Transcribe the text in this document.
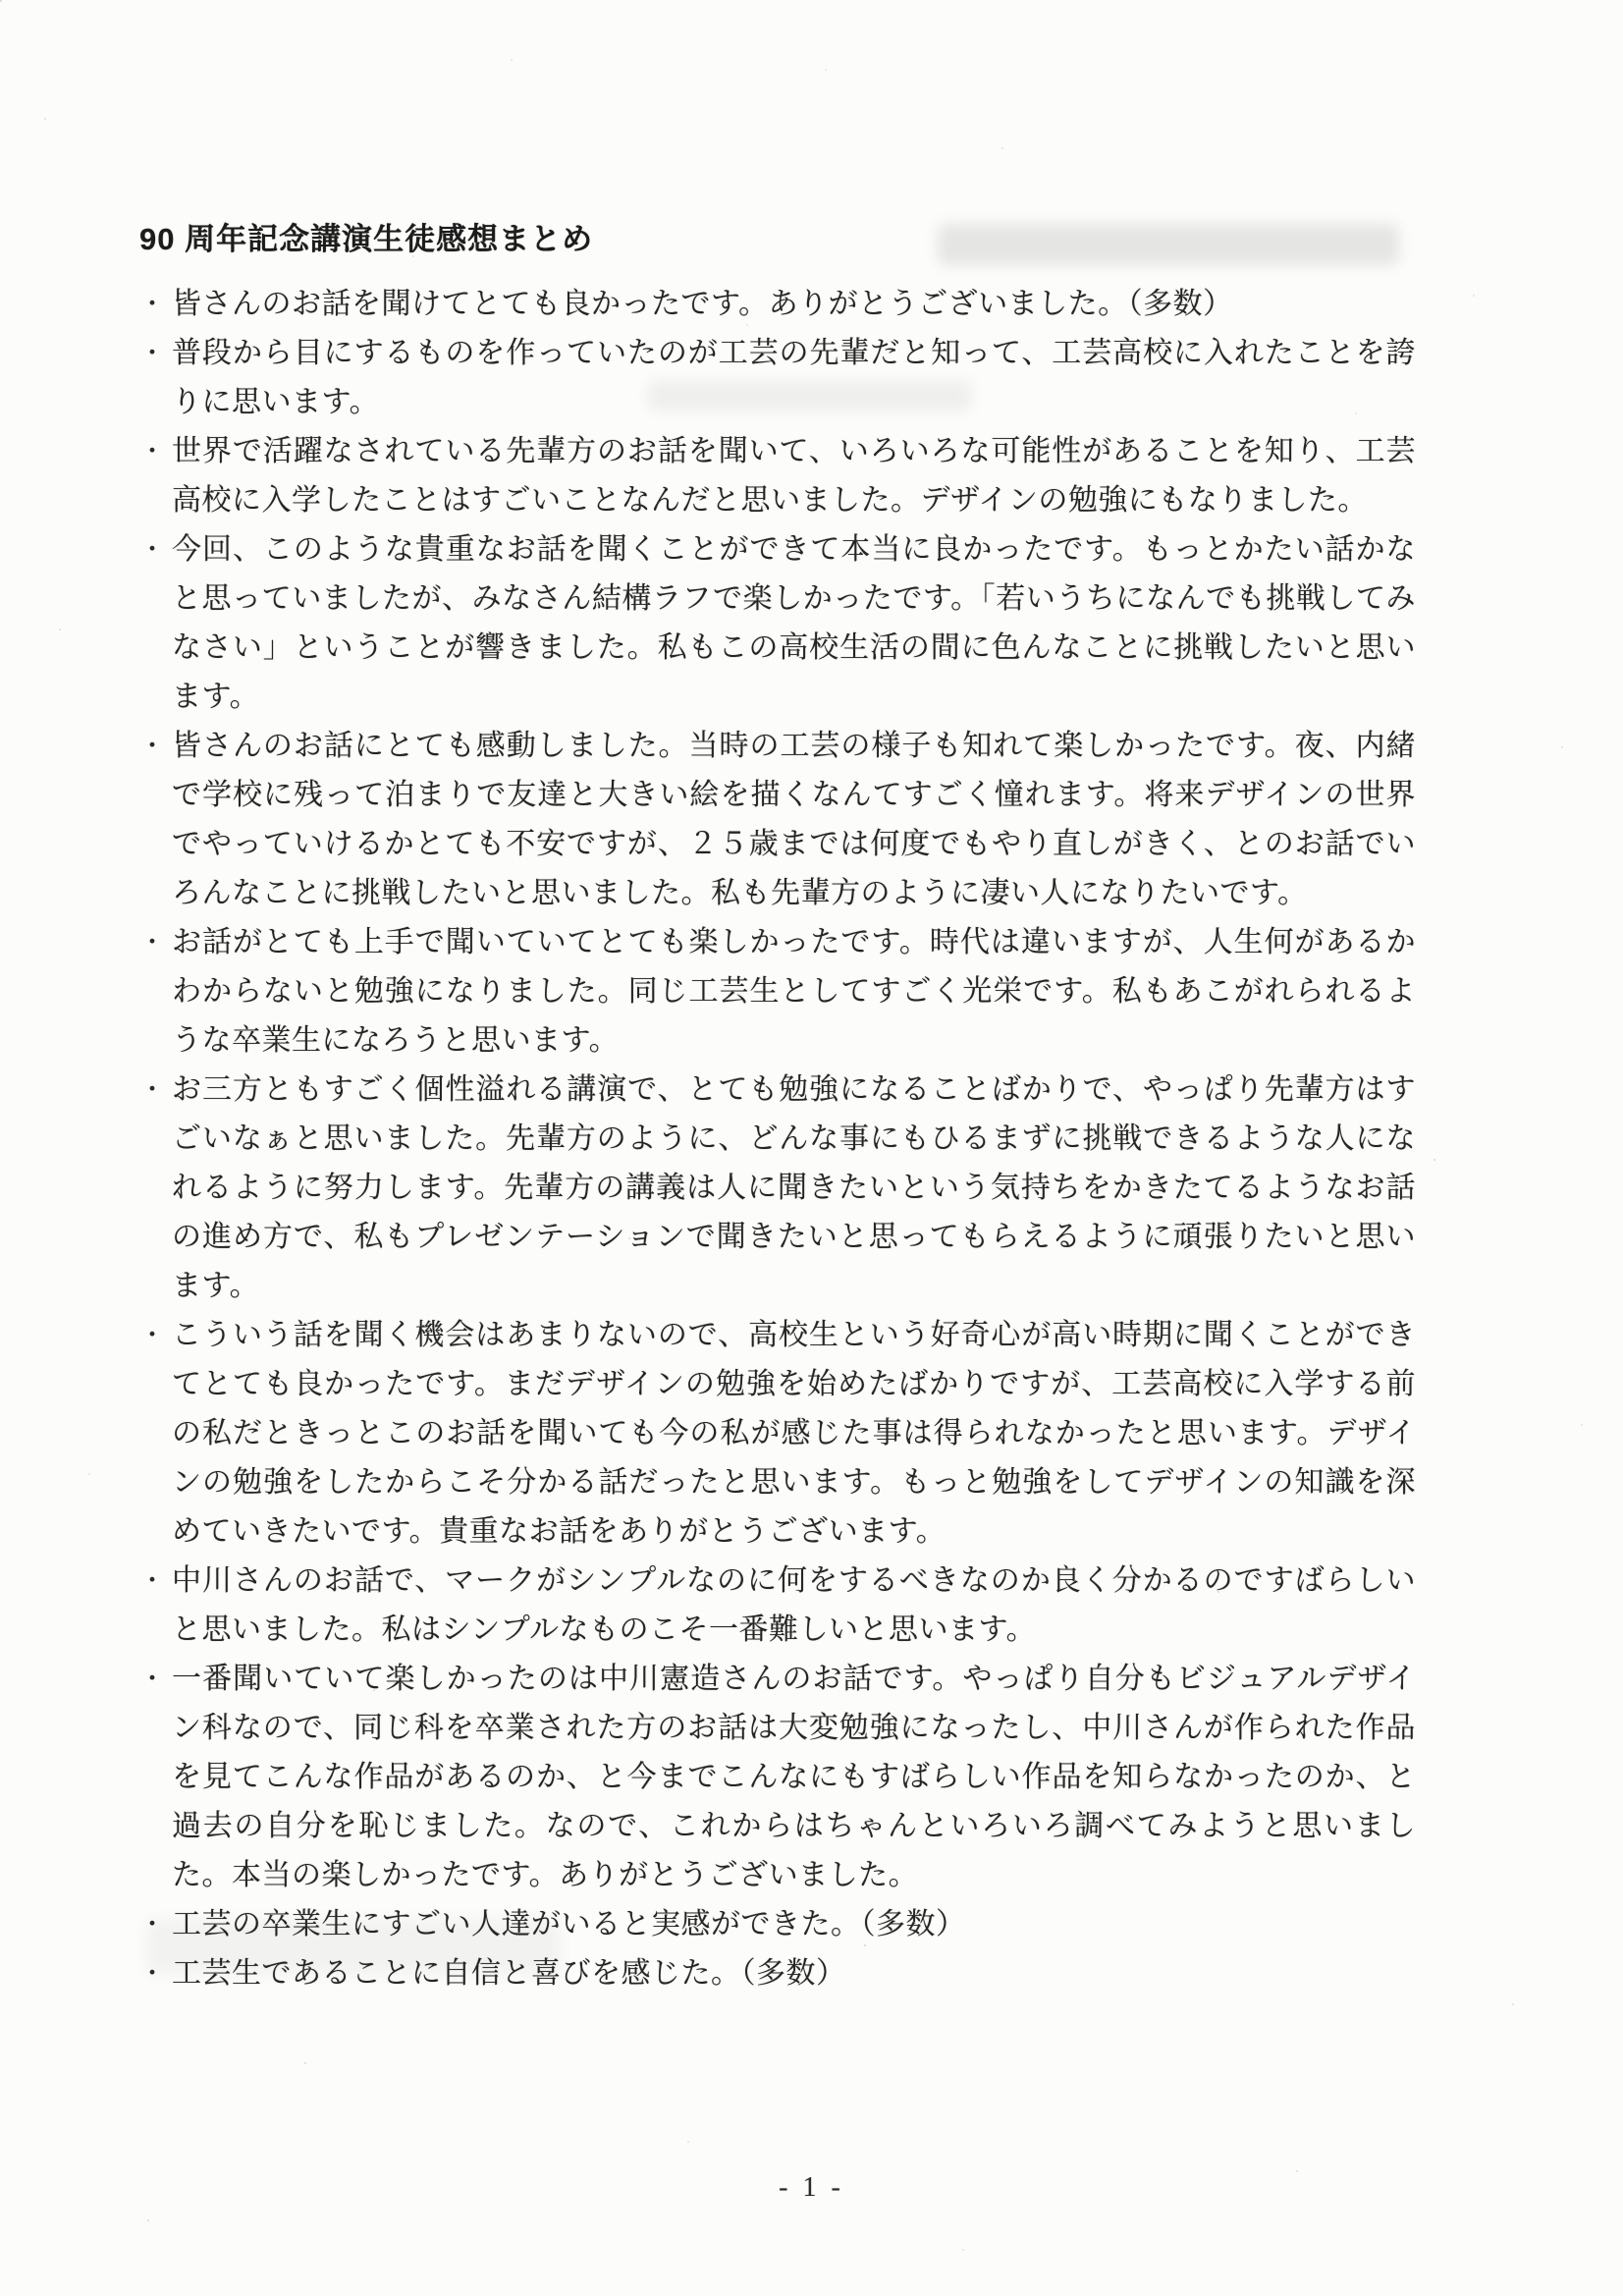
90 周年記念講演生徒感想まとめ
・ 皆さんのお話を聞けてとても良かったです。ありがとうございました。（多数）
・ 普段から目にするものを作っていたのが工芸の先輩だと知って、工芸高校に入れたことを誇りに思います。
・ 世界で活躍なされている先輩方のお話を聞いて、いろいろな可能性があることを知り、工芸高校に入学したことはすごいことなんだと思いました。デザインの勉強にもなりました。
・ 今回、このような貴重なお話を聞くことができて本当に良かったです。もっとかたい話かなと思っていましたが、みなさん結構ラフで楽しかったです。「若いうちになんでも挑戦してみなさい」ということが響きました。私もこの高校生活の間に色んなことに挑戦したいと思います。
・ 皆さんのお話にとても感動しました。当時の工芸の様子も知れて楽しかったです。夜、内緒で学校に残って泊まりで友達と大きい絵を描くなんてすごく憧れます。将来デザインの世界でやっていけるかとても不安ですが、２５歳までは何度でもやり直しがきく、とのお話でいろんなことに挑戦したいと思いました。私も先輩方のように凄い人になりたいです。
・ お話がとても上手で聞いていてとても楽しかったです。時代は違いますが、人生何があるかわからないと勉強になりました。同じ工芸生としてすごく光栄です。私もあこがれられるような卒業生になろうと思います。
・ お三方ともすごく個性溢れる講演で、とても勉強になることばかりで、やっぱり先輩方はすごいなぁと思いました。先輩方のように、どんな事にもひるまずに挑戦できるような人になれるように努力します。先輩方の講義は人に聞きたいという気持ちをかきたてるようなお話の進め方で、私もプレゼンテーションで聞きたいと思ってもらえるように頑張りたいと思います。
・ こういう話を聞く機会はあまりないので、高校生という好奇心が高い時期に聞くことができてとても良かったです。まだデザインの勉強を始めたばかりですが、工芸高校に入学する前の私だときっとこのお話を聞いても今の私が感じた事は得られなかったと思います。デザインの勉強をしたからこそ分かる話だったと思います。もっと勉強をしてデザインの知識を深めていきたいです。貴重なお話をありがとうございます。
・ 中川さんのお話で、マークがシンプルなのに何をするべきなのか良く分かるのですばらしいと思いました。私はシンプルなものこそ一番難しいと思います。
・ 一番聞いていて楽しかったのは中川憲造さんのお話です。やっぱり自分もビジュアルデザイン科なので、同じ科を卒業された方のお話は大変勉強になったし、中川さんが作られた作品を見てこんな作品があるのか、と今までこんなにもすばらしい作品を知らなかったのか、と過去の自分を恥じました。なので、これからはちゃんといろいろ調べてみようと思いました。本当の楽しかったです。ありがとうございました。
・ 工芸の卒業生にすごい人達がいると実感ができた。（多数）
・ 工芸生であることに自信と喜びを感じた。（多数）
- 1 -
